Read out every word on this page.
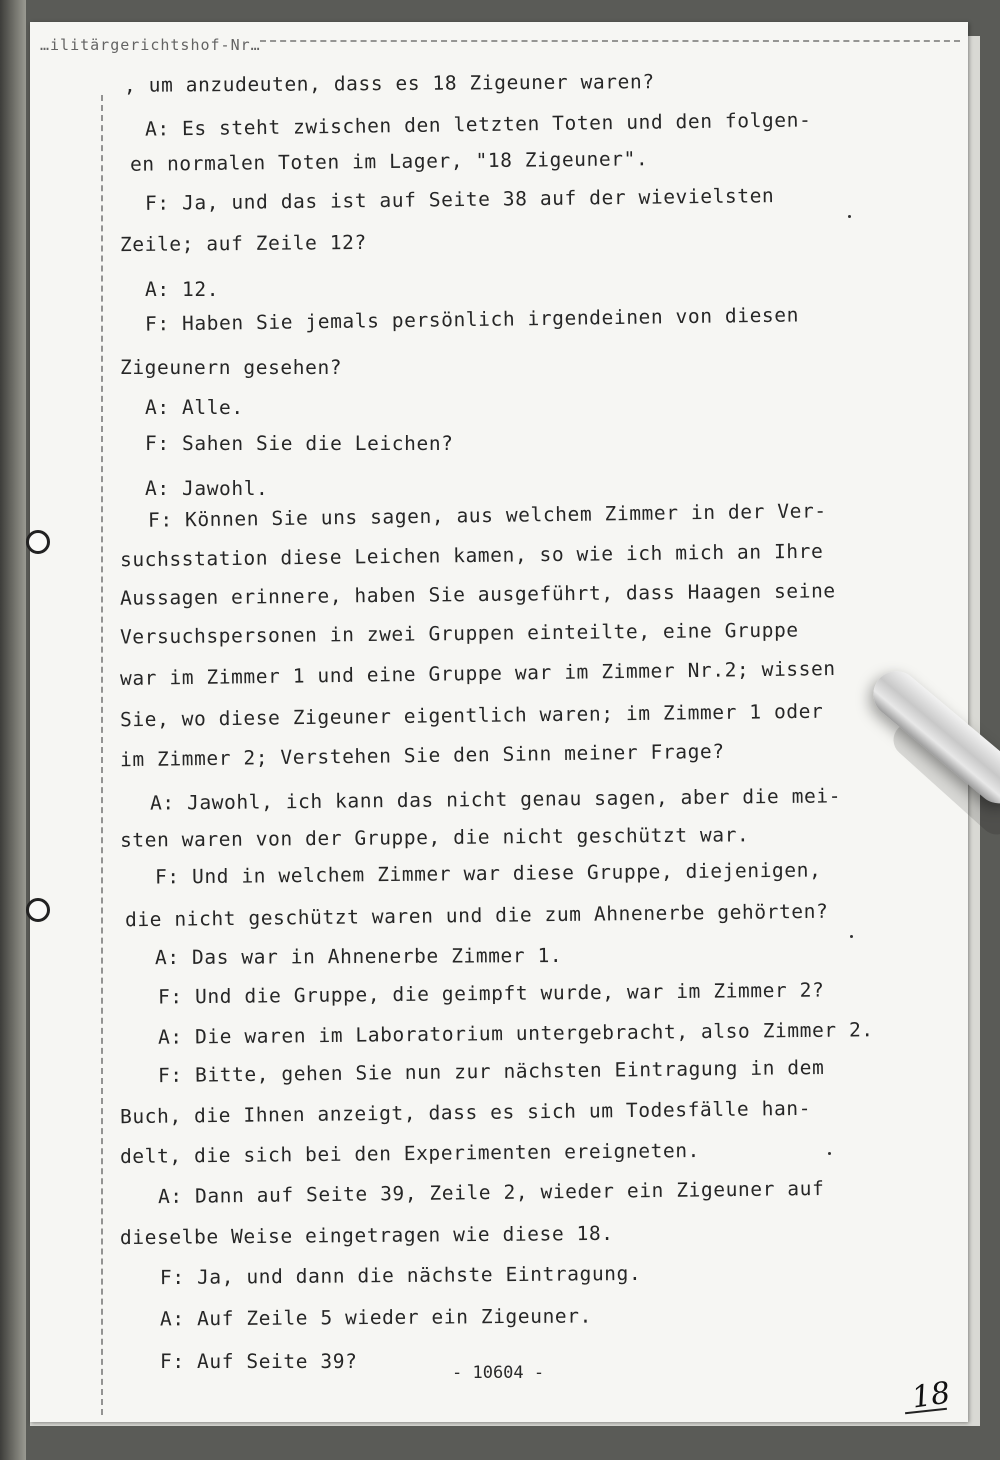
…ilitärgerichtshof-Nr…
, um anzudeuten, dass es 18 Zigeuner waren?
A: Es steht zwischen den letzten Toten und den folgen-
en normalen Toten im Lager, "18 Zigeuner".
F: Ja, und das ist auf Seite 38 auf der wievielsten
Zeile; auf Zeile 12?
A: 12.
F: Haben Sie jemals persönlich irgendeinen von diesen
Zigeunern gesehen?
A: Alle.
F: Sahen Sie die Leichen?
A: Jawohl.
F: Können Sie uns sagen, aus welchem Zimmer in der Ver-
suchsstation diese Leichen kamen, so wie ich mich an Ihre
Aussagen erinnere, haben Sie ausgeführt, dass Haagen seine
Versuchspersonen in zwei Gruppen einteilte, eine Gruppe
war im Zimmer 1 und eine Gruppe war im Zimmer Nr.2; wissen
Sie, wo diese Zigeuner eigentlich waren; im Zimmer 1 oder
im Zimmer 2; Verstehen Sie den Sinn meiner Frage?
A: Jawohl, ich kann das nicht genau sagen, aber die mei-
sten waren von der Gruppe, die nicht geschützt war.
F: Und in welchem Zimmer war diese Gruppe, diejenigen,
die nicht geschützt waren und die zum Ahnenerbe gehörten?
A: Das war in Ahnenerbe Zimmer 1.
F: Und die Gruppe, die geimpft wurde, war im Zimmer 2?
A: Die waren im Laboratorium untergebracht, also Zimmer 2.
F: Bitte, gehen Sie nun zur nächsten Eintragung in dem
Buch, die Ihnen anzeigt, dass es sich um Todesfälle han-
delt, die sich bei den Experimenten ereigneten.
A: Dann auf Seite 39, Zeile 2, wieder ein Zigeuner auf
dieselbe Weise eingetragen wie diese 18.
F: Ja, und dann die nächste Eintragung.
A: Auf Zeile 5 wieder ein Zigeuner.
F: Auf Seite 39?	- 10604 -
18
